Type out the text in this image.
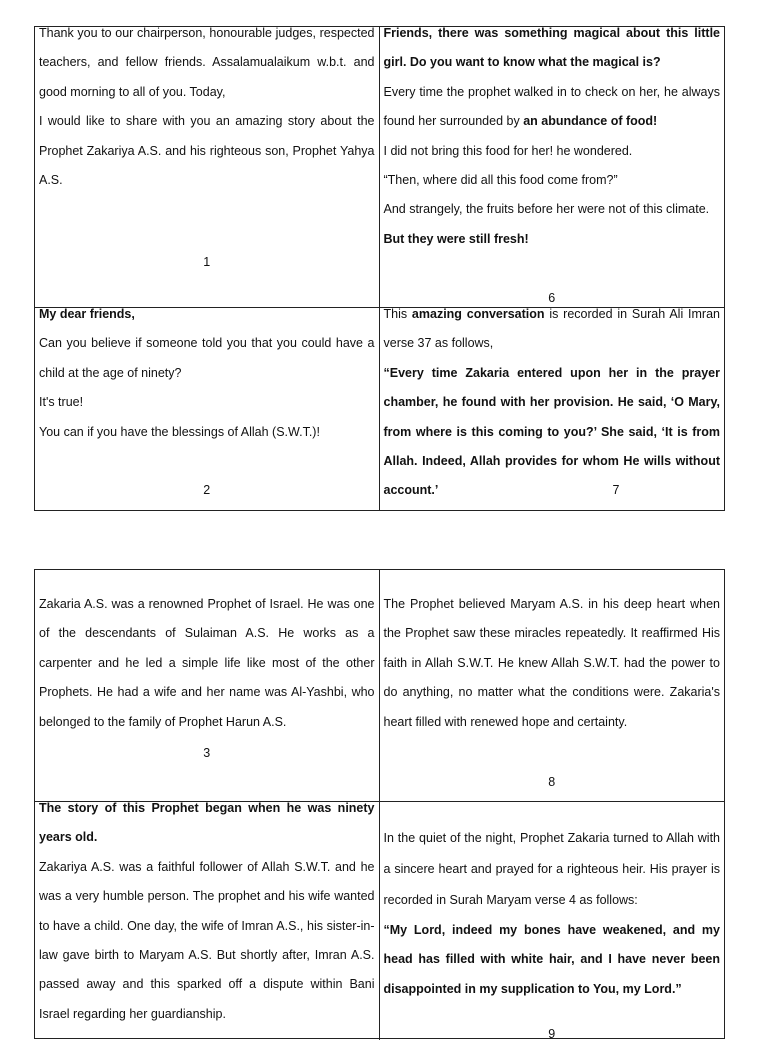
Thank you to our chairperson, honourable judges, respected teachers, and fellow friends. Assalamualaikum w.b.t. and good morning to all of you. Today,

I would like to share with you an amazing story about the Prophet Zakariya A.S. and his righteous son, Prophet Yahya A.S.

1

Friends, there was something magical about this little girl. Do you want to know what the magical is?

Every time the prophet walked in to check on her, he always found her surrounded by an abundance of food!

I did not bring this food for her! he wondered.

“Then, where did all this food come from?”

And strangely, the fruits before her were not of this climate.

But they were still fresh!

6

My dear friends,

Can you believe if someone told you that you could have a child at the age of ninety?

It's true!

You can if you have the blessings of Allah (S.W.T.)!

2

This amazing conversation is recorded in Surah Ali Imran verse 37 as follows,

“Every time Zakaria entered upon her in the prayer chamber, he found with her provision. He said, ‘O Mary, from where is this coming to you?’ She said, ‘It is from Allah. Indeed, Allah provides for whom He wills without account.’	7

Zakaria A.S. was a renowned Prophet of Israel. He was one of the descendants of Sulaiman A.S. He works as a carpenter and he led a simple life like most of the other Prophets. He had a wife and her name was Al-Yashbi, who belonged to the family of Prophet Harun A.S.

3

The Prophet believed Maryam A.S. in his deep heart when the Prophet saw these miracles repeatedly. It reaffirmed His faith in Allah S.W.T. He knew Allah S.W.T. had the power to do anything, no matter what the conditions were. Zakaria's heart filled with renewed hope and certainty.

8

The story of this Prophet began when he was ninety years old.

Zakariya A.S. was a faithful follower of Allah S.W.T. and he was a very humble person. The prophet and his wife wanted to have a child. One day, the wife of Imran A.S., his sister-in-law gave birth to Maryam A.S. But shortly after, Imran A.S. passed away and this sparked off a dispute within Bani Israel regarding her guardianship.

In the quiet of the night, Prophet Zakaria turned to Allah with a sincere heart and prayed for a righteous heir. His prayer is recorded in Surah Maryam verse 4 as follows:

“My Lord, indeed my bones have weakened, and my head has filled with white hair, and I have never been disappointed in my supplication to You, my Lord.”

9
